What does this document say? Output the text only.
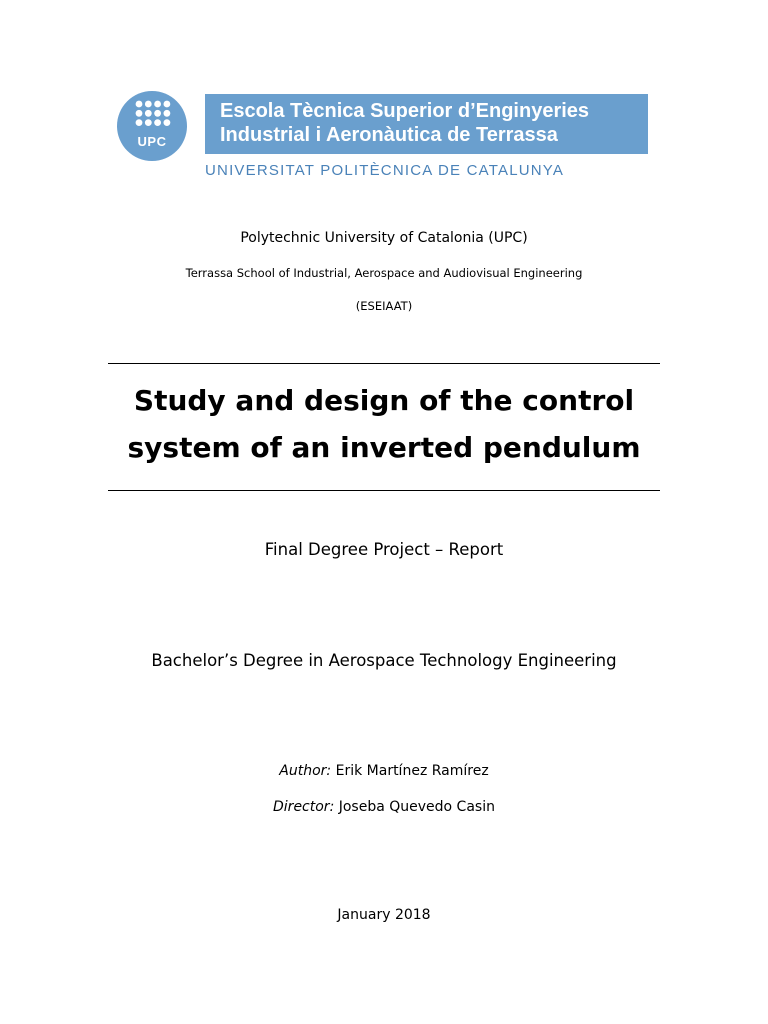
UPC
Escola Tècnica Superior d’Enginyeries
Industrial i Aeronàutica de Terrassa
UNIVERSITAT POLITÈCNICA DE CATALUNYA
Polytechnic University of Catalonia (UPC)
Terrassa School of Industrial, Aerospace and Audiovisual Engineering
(ESEIAAT)
Study and design of the control
system of an inverted pendulum
Final Degree Project – Report
Bachelor’s Degree in Aerospace Technology Engineering
Author: Erik Martínez Ramírez
Director: Joseba Quevedo Casin
January 2018
